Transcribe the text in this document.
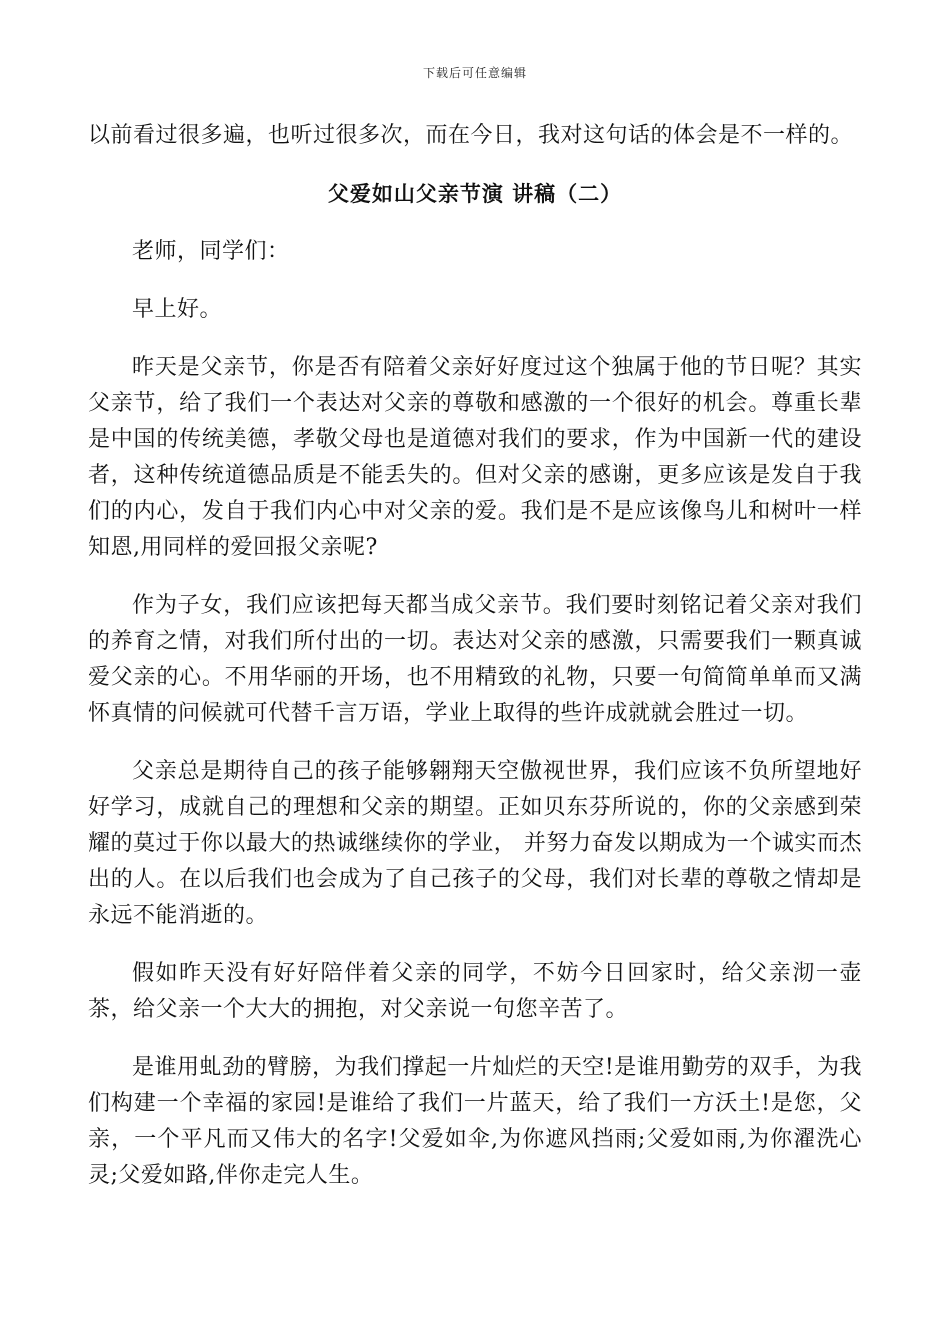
下载后可任意编辑

以前看过很多遍，也听过很多次，而在今日，我对这句话的体会是不一样的。

父爱如山父亲节演 讲稿（二）

老师，同学们：

早上好。

昨天是父亲节，你是否有陪着父亲好好度过这个独属于他的节日呢？其实父亲节，给了我们一个表达对父亲的尊敬和感激的一个很好的机会。尊重长辈是中国的传统美德，孝敬父母也是道德对我们的要求，作为中国新一代的建设者，这种传统道德品质是不能丢失的。但对父亲的感谢，更多应该是发自于我们的内心，发自于我们内心中对父亲的爱。我们是不是应该像鸟儿和树叶一样知恩,用同样的爱回报父亲呢?

作为子女，我们应该把每天都当成父亲节。我们要时刻铭记着父亲对我们的养育之情，对我们所付出的一切。表达对父亲的感激，只需要我们一颗真诚爱父亲的心。不用华丽的开场，也不用精致的礼物，只要一句简简单单而又满怀真情的问候就可代替千言万语，学业上取得的些许成就就会胜过一切。

父亲总是期待自己的孩子能够翱翔天空傲视世界，我们应该不负所望地好好学习，成就自己的理想和父亲的期望。正如贝东芬所说的，你的父亲感到荣耀的莫过于你以最大的热诚继续你的学业， 并努力奋发以期成为一个诚实而杰出的人。在以后我们也会成为了自己孩子的父母，我们对长辈的尊敬之情却是永远不能消逝的。

假如昨天没有好好陪伴着父亲的同学，不妨今日回家时，给父亲沏一壶茶，给父亲一个大大的拥抱，对父亲说一句您辛苦了。

是谁用虬劲的臂膀，为我们撑起一片灿烂的天空!是谁用勤劳的双手，为我们构建一个幸福的家园!是谁给了我们一片蓝天，给了我们一方沃土!是您，父亲，一个平凡而又伟大的名字!父爱如伞,为你遮风挡雨;父爱如雨,为你濯洗心灵;父爱如路,伴你走完人生。
